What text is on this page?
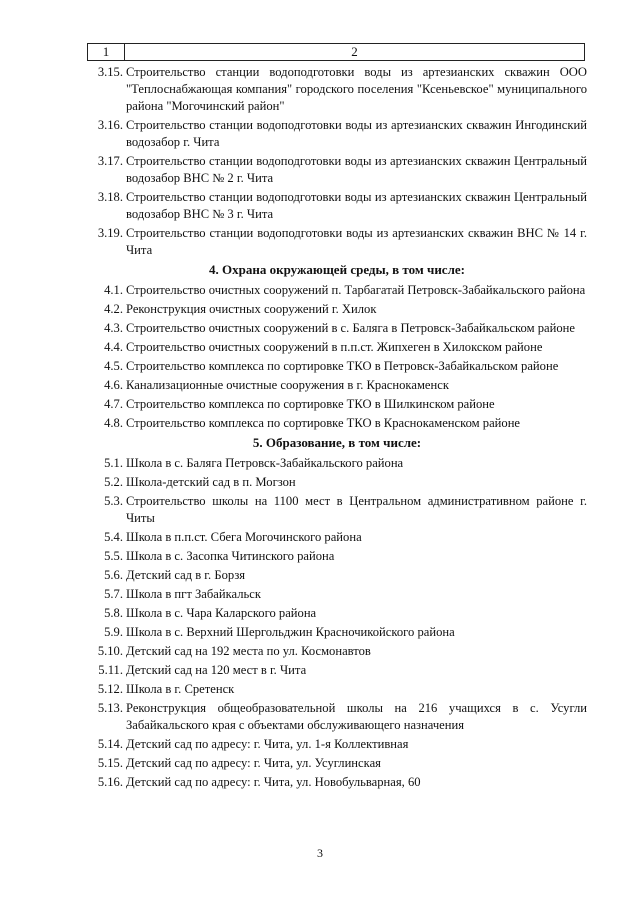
1	2
3.15. Строительство станции водоподготовки воды из артезианских скважин ООО "Теплоснабжающая компания" городского поселения "Ксеньевское" муниципального района "Могочинский район"
3.16. Строительство станции водоподготовки воды из артезианских скважин Ингодинский водозабор г. Чита
3.17. Строительство станции водоподготовки воды из артезианских скважин Центральный водозабор ВНС № 2 г. Чита
3.18. Строительство станции водоподготовки воды из артезианских скважин Центральный водозабор ВНС № 3 г. Чита
3.19. Строительство станции водоподготовки воды из артезианских скважин ВНС № 14 г. Чита
4. Охрана окружающей среды, в том числе:
4.1. Строительство очистных сооружений п. Тарбагатай Петровск-Забайкальского района
4.2. Реконструкция очистных сооружений г. Хилок
4.3. Строительство очистных сооружений в с. Баляга в Петровск-Забайкальском районе
4.4. Строительство очистных сооружений в п.п.ст. Жипхеген в Хилокском районе
4.5. Строительство комплекса по сортировке ТКО в Петровск-Забайкальском районе
4.6. Канализационные очистные сооружения в г. Краснокаменск
4.7. Строительство комплекса по сортировке ТКО в Шилкинском районе
4.8. Строительство комплекса по сортировке ТКО в Краснокаменском районе
5. Образование, в том числе:
5.1. Школа в с. Баляга Петровск-Забайкальского района
5.2. Школа-детский сад в п. Могзон
5.3. Строительство школы на 1100 мест в Центральном административном районе г. Читы
5.4. Школа в п.п.ст. Сбега Могочинского района
5.5. Школа в с. Засопка Читинского района
5.6. Детский сад в г. Борзя
5.7. Школа в пгт Забайкальск
5.8. Школа в с. Чара Каларского района
5.9. Школа в с. Верхний Шергольджин Красночикойского района
5.10. Детский сад на 192 места по ул. Космонавтов
5.11. Детский сад на 120 мест в г. Чита
5.12. Школа в г. Сретенск
5.13. Реконструкция общеобразовательной школы на 216 учащихся в с. Усугли Забайкальского края с объектами обслуживающего назначения
5.14. Детский сад по адресу: г. Чита, ул. 1-я Коллективная
5.15. Детский сад по адресу: г. Чита, ул. Усуглинская
5.16. Детский сад по адресу: г. Чита, ул. Новобульварная, 60
3
